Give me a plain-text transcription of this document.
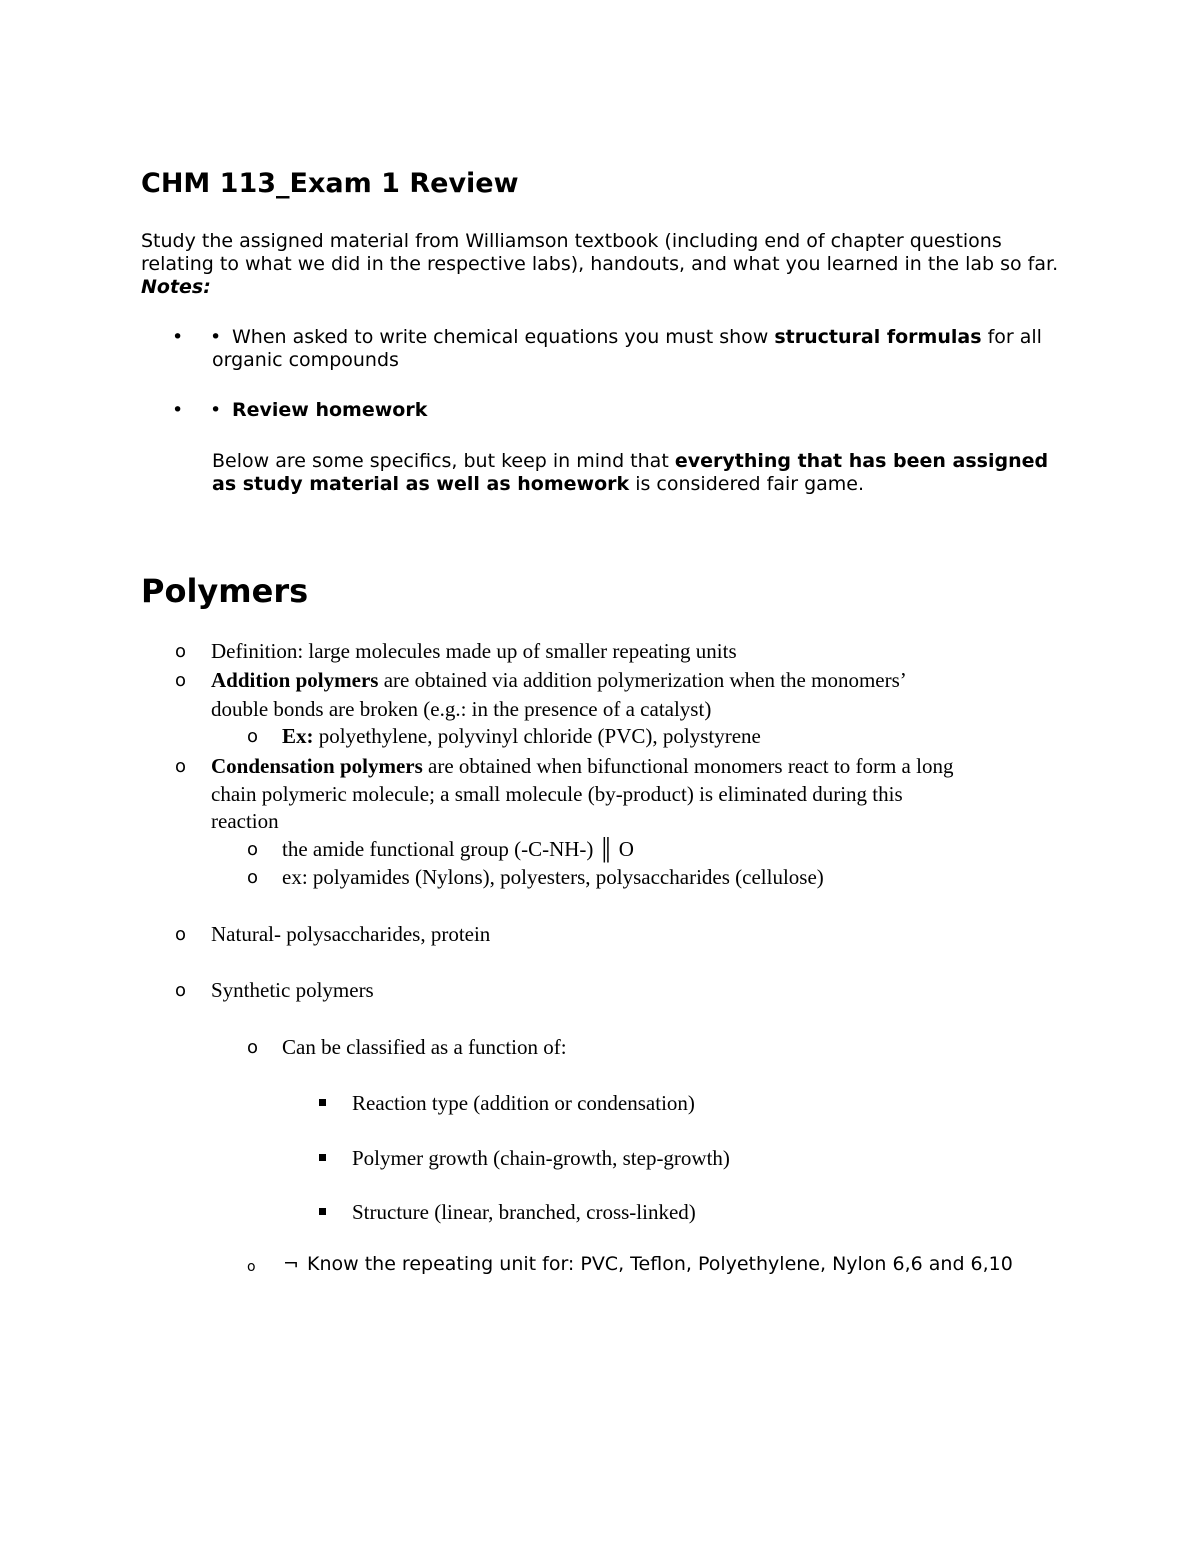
CHM 113_Exam 1 Review
Study the assigned material from Williamson textbook (including end of chapter questions relating to what we did in the respective labs), handouts, and what you learned in the lab so far. Notes:
• • When asked to write chemical equations you must show structural formulas for all organic compounds
• • Review homework
Below are some specifics, but keep in mind that everything that has been assigned as study material as well as homework is considered fair game.
Polymers
o Definition: large molecules made up of smaller repeating units
o Addition polymers are obtained via addition polymerization when the monomers’
double bonds are broken (e.g.: in the presence of a catalyst)
o Ex: polyethylene, polyvinyl chloride (PVC), polystyrene
o Condensation polymers are obtained when bifunctional monomers react to form a long
chain polymeric molecule; a small molecule (by-product) is eliminated during this
reaction
o the amide functional group (-C-NH-) ║ O
o ex: polyamides (Nylons), polyesters, polysaccharides (cellulose)
o Natural- polysaccharides, protein
o Synthetic polymers
o Can be classified as a function of:
Reaction type (addition or condensation)
Polymer growth (chain-growth, step-growth)
Structure (linear, branched, cross-linked)
o ¬ Know the repeating unit for: PVC, Teflon, Polyethylene, Nylon 6,6 and 6,10
